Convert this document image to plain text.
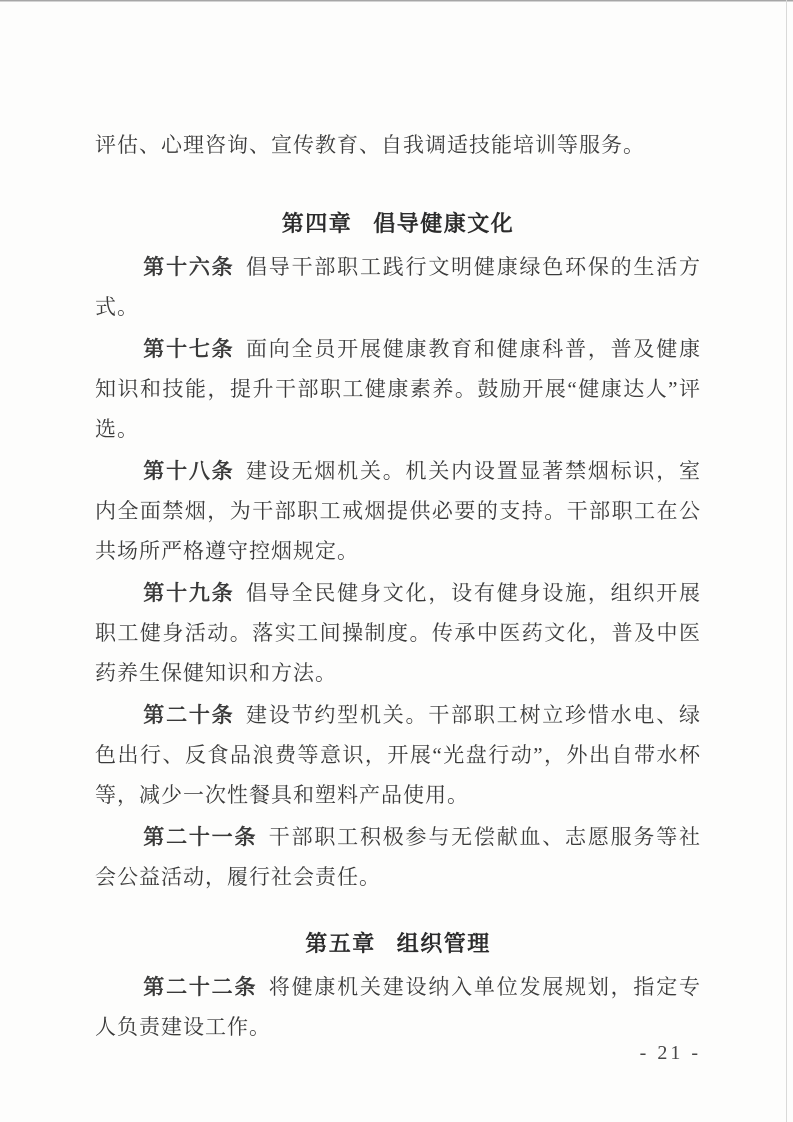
评估、心理咨询、宣传教育、自我调适技能培训等服务。

第四章 倡导健康文化

第十六条 倡导干部职工践行文明健康绿色环保的生活方式。

第十七条 面向全员开展健康教育和健康科普，普及健康知识和技能，提升干部职工健康素养。鼓励开展“健康达人”评选。

第十八条 建设无烟机关。机关内设置显著禁烟标识，室内全面禁烟，为干部职工戒烟提供必要的支持。干部职工在公共场所严格遵守控烟规定。

第十九条 倡导全民健身文化，设有健身设施，组织开展职工健身活动。落实工间操制度。传承中医药文化，普及中医药养生保健知识和方法。

第二十条 建设节约型机关。干部职工树立珍惜水电、绿色出行、反食品浪费等意识，开展“光盘行动”，外出自带水杯等，减少一次性餐具和塑料产品使用。

第二十一条 干部职工积极参与无偿献血、志愿服务等社会公益活动，履行社会责任。

第五章 组织管理

第二十二条 将健康机关建设纳入单位发展规划，指定专人负责建设工作。

- 21 -
